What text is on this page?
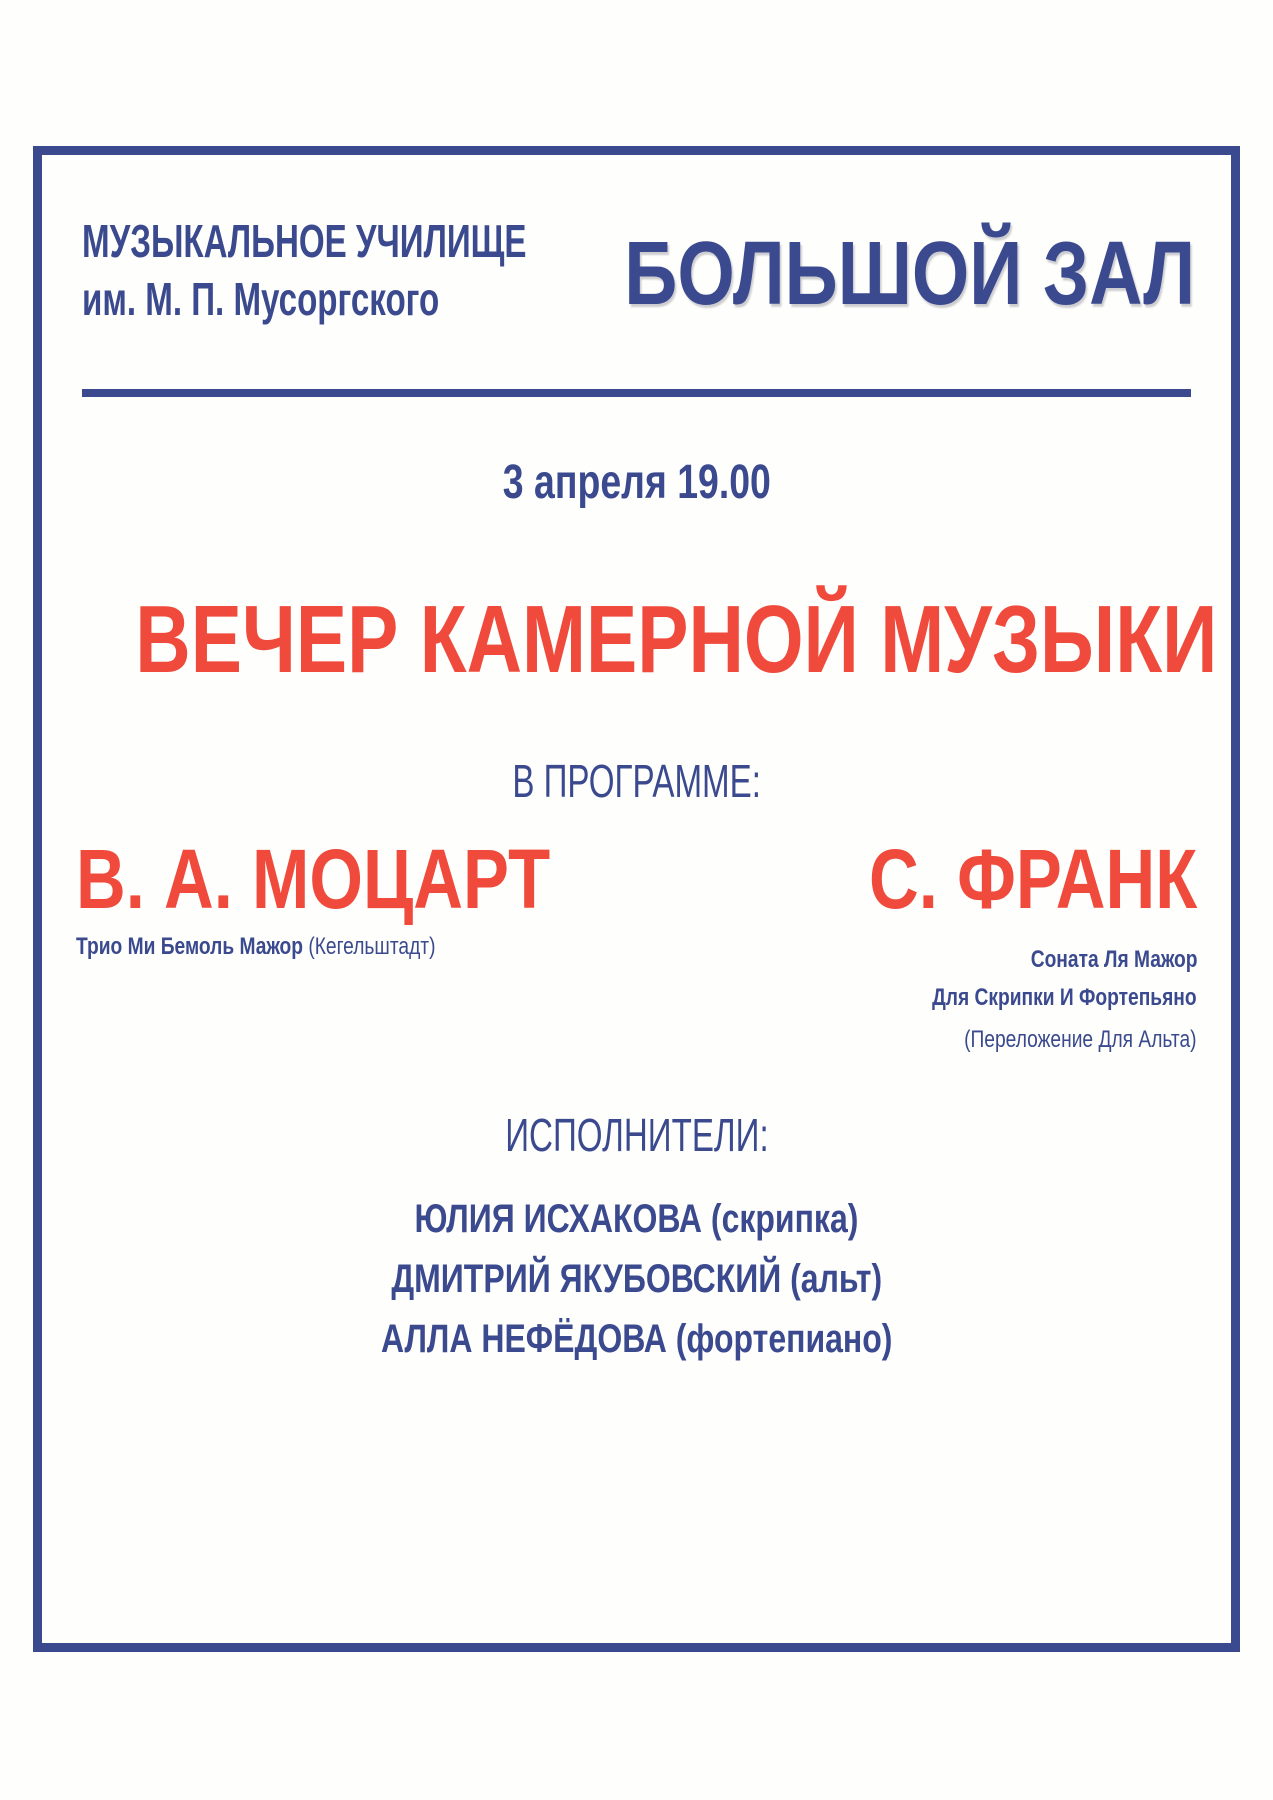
МУЗЫКАЛЬНОЕ УЧИЛИЩЕ
им. М. П. Мусоргского	БОЛЬШОЙ ЗАЛ
3 апреля 19.00
ВЕЧЕР КАМЕРНОЙ МУЗЫКИ
В ПРОГРАММЕ:
В. А. МОЦАРТ
Трио Ми Бемоль Мажор (Кегельштадт)
С. ФРАНК
Соната Ля Мажор
Для Скрипки И Фортепьяно
(Переложение Для Альта)
ИСПОЛНИТЕЛИ:
ЮЛИЯ ИСХАКОВА (скрипка)
ДМИТРИЙ ЯКУБОВСКИЙ (альт)
АЛЛА НЕФЁДОВА (фортепиано)
